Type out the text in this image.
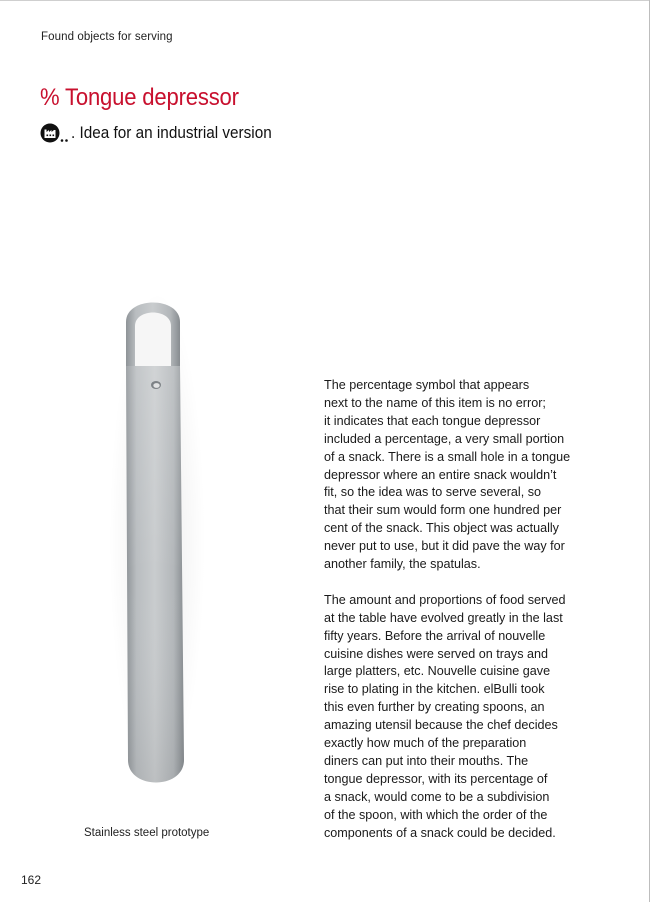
Found objects for serving
% Tongue depressor
. Idea for an industrial version
Stainless steel prototype

The percentage symbol that appears
next to the name of this item is no error;
it indicates that each tongue depressor
included a percentage, a very small portion
of a snack. There is a small hole in a tongue
depressor where an entire snack wouldn’t
fit, so the idea was to serve several, so
that their sum would form one hundred per
cent of the snack. This object was actually
never put to use, but it did pave the way for
another family, the spatulas.

The amount and proportions of food served
at the table have evolved greatly in the last
fifty years. Before the arrival of nouvelle
cuisine dishes were served on trays and
large platters, etc. Nouvelle cuisine gave
rise to plating in the kitchen. elBulli took
this even further by creating spoons, an
amazing utensil because the chef decides
exactly how much of the preparation
diners can put into their mouths. The
tongue depressor, with its percentage of
a snack, would come to be a subdivision
of the spoon, with which the order of the
components of a snack could be decided.

162
